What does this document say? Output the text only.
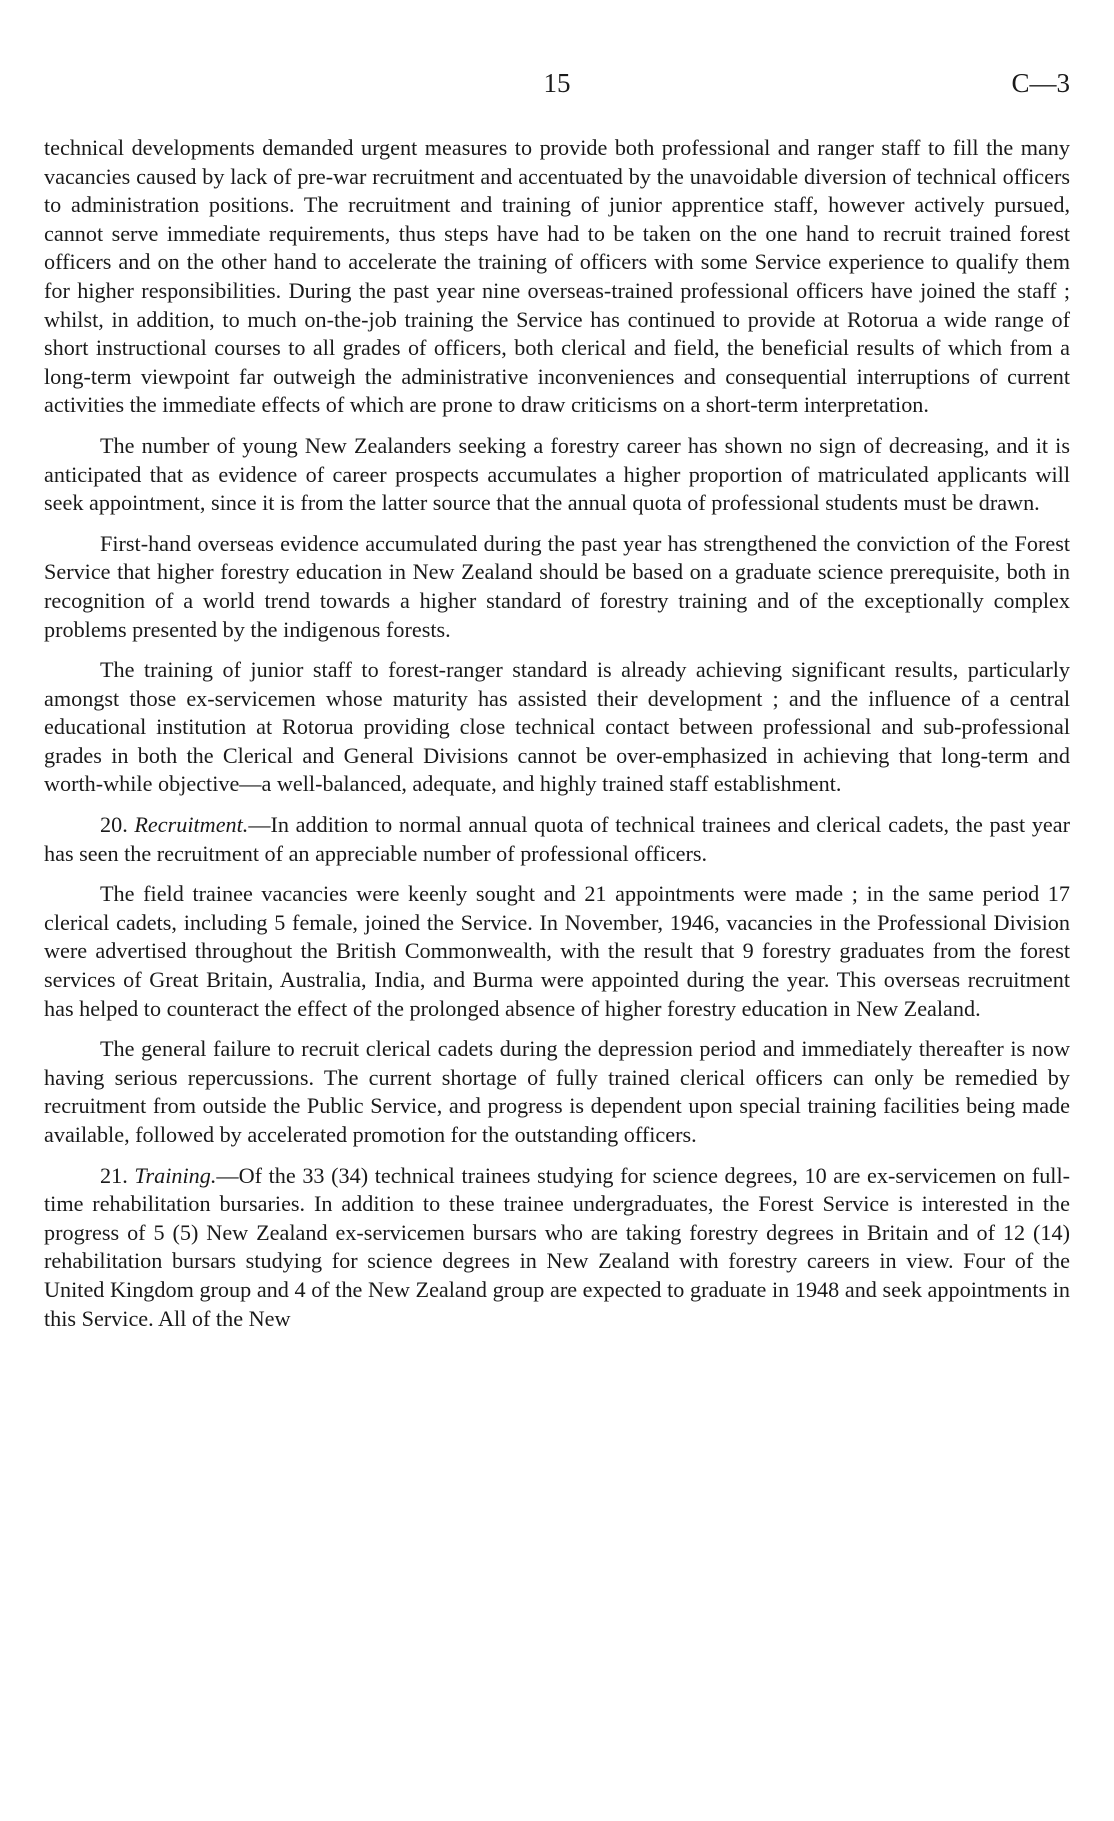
15	C—3

technical developments demanded urgent measures to provide both professional and ranger staff to fill the many vacancies caused by lack of pre-war recruitment and accentuated by the unavoidable diversion of technical officers to administration positions. The recruitment and training of junior apprentice staff, however actively pursued, cannot serve immediate requirements, thus steps have had to be taken on the one hand to recruit trained forest officers and on the other hand to accelerate the training of officers with some Service experience to qualify them for higher responsibilities. During the past year nine overseas-trained professional officers have joined the staff ; whilst, in addition, to much on-the-job training the Service has continued to provide at Rotorua a wide range of short instructional courses to all grades of officers, both clerical and field, the beneficial results of which from a long-term viewpoint far outweigh the administrative inconveniences and consequential interruptions of current activities the immediate effects of which are prone to draw criticisms on a short-term interpretation.

The number of young New Zealanders seeking a forestry career has shown no sign of decreasing, and it is anticipated that as evidence of career prospects accumulates a higher proportion of matriculated applicants will seek appointment, since it is from the latter source that the annual quota of professional students must be drawn.

First-hand overseas evidence accumulated during the past year has strengthened the conviction of the Forest Service that higher forestry education in New Zealand should be based on a graduate science prerequisite, both in recognition of a world trend towards a higher standard of forestry training and of the exceptionally complex problems presented by the indigenous forests.

The training of junior staff to forest-ranger standard is already achieving significant results, particularly amongst those ex-servicemen whose maturity has assisted their development ; and the influence of a central educational institution at Rotorua providing close technical contact between professional and sub-professional grades in both the Clerical and General Divisions cannot be over-emphasized in achieving that long-term and worth-while objective—a well-balanced, adequate, and highly trained staff establishment.

20. Recruitment.—In addition to normal annual quota of technical trainees and clerical cadets, the past year has seen the recruitment of an appreciable number of professional officers.

The field trainee vacancies were keenly sought and 21 appointments were made ; in the same period 17 clerical cadets, including 5 female, joined the Service. In November, 1946, vacancies in the Professional Division were advertised throughout the British Commonwealth, with the result that 9 forestry graduates from the forest services of Great Britain, Australia, India, and Burma were appointed during the year. This overseas recruitment has helped to counteract the effect of the prolonged absence of higher forestry education in New Zealand.

The general failure to recruit clerical cadets during the depression period and immediately thereafter is now having serious repercussions. The current shortage of fully trained clerical officers can only be remedied by recruitment from outside the Public Service, and progress is dependent upon special training facilities being made available, followed by accelerated promotion for the outstanding officers.

21. Training.—Of the 33 (34) technical trainees studying for science degrees, 10 are ex-servicemen on full-time rehabilitation bursaries. In addition to these trainee undergraduates, the Forest Service is interested in the progress of 5 (5) New Zealand ex-servicemen bursars who are taking forestry degrees in Britain and of 12 (14) rehabilitation bursars studying for science degrees in New Zealand with forestry careers in view. Four of the United Kingdom group and 4 of the New Zealand group are expected to graduate in 1948 and seek appointments in this Service. All of the New
